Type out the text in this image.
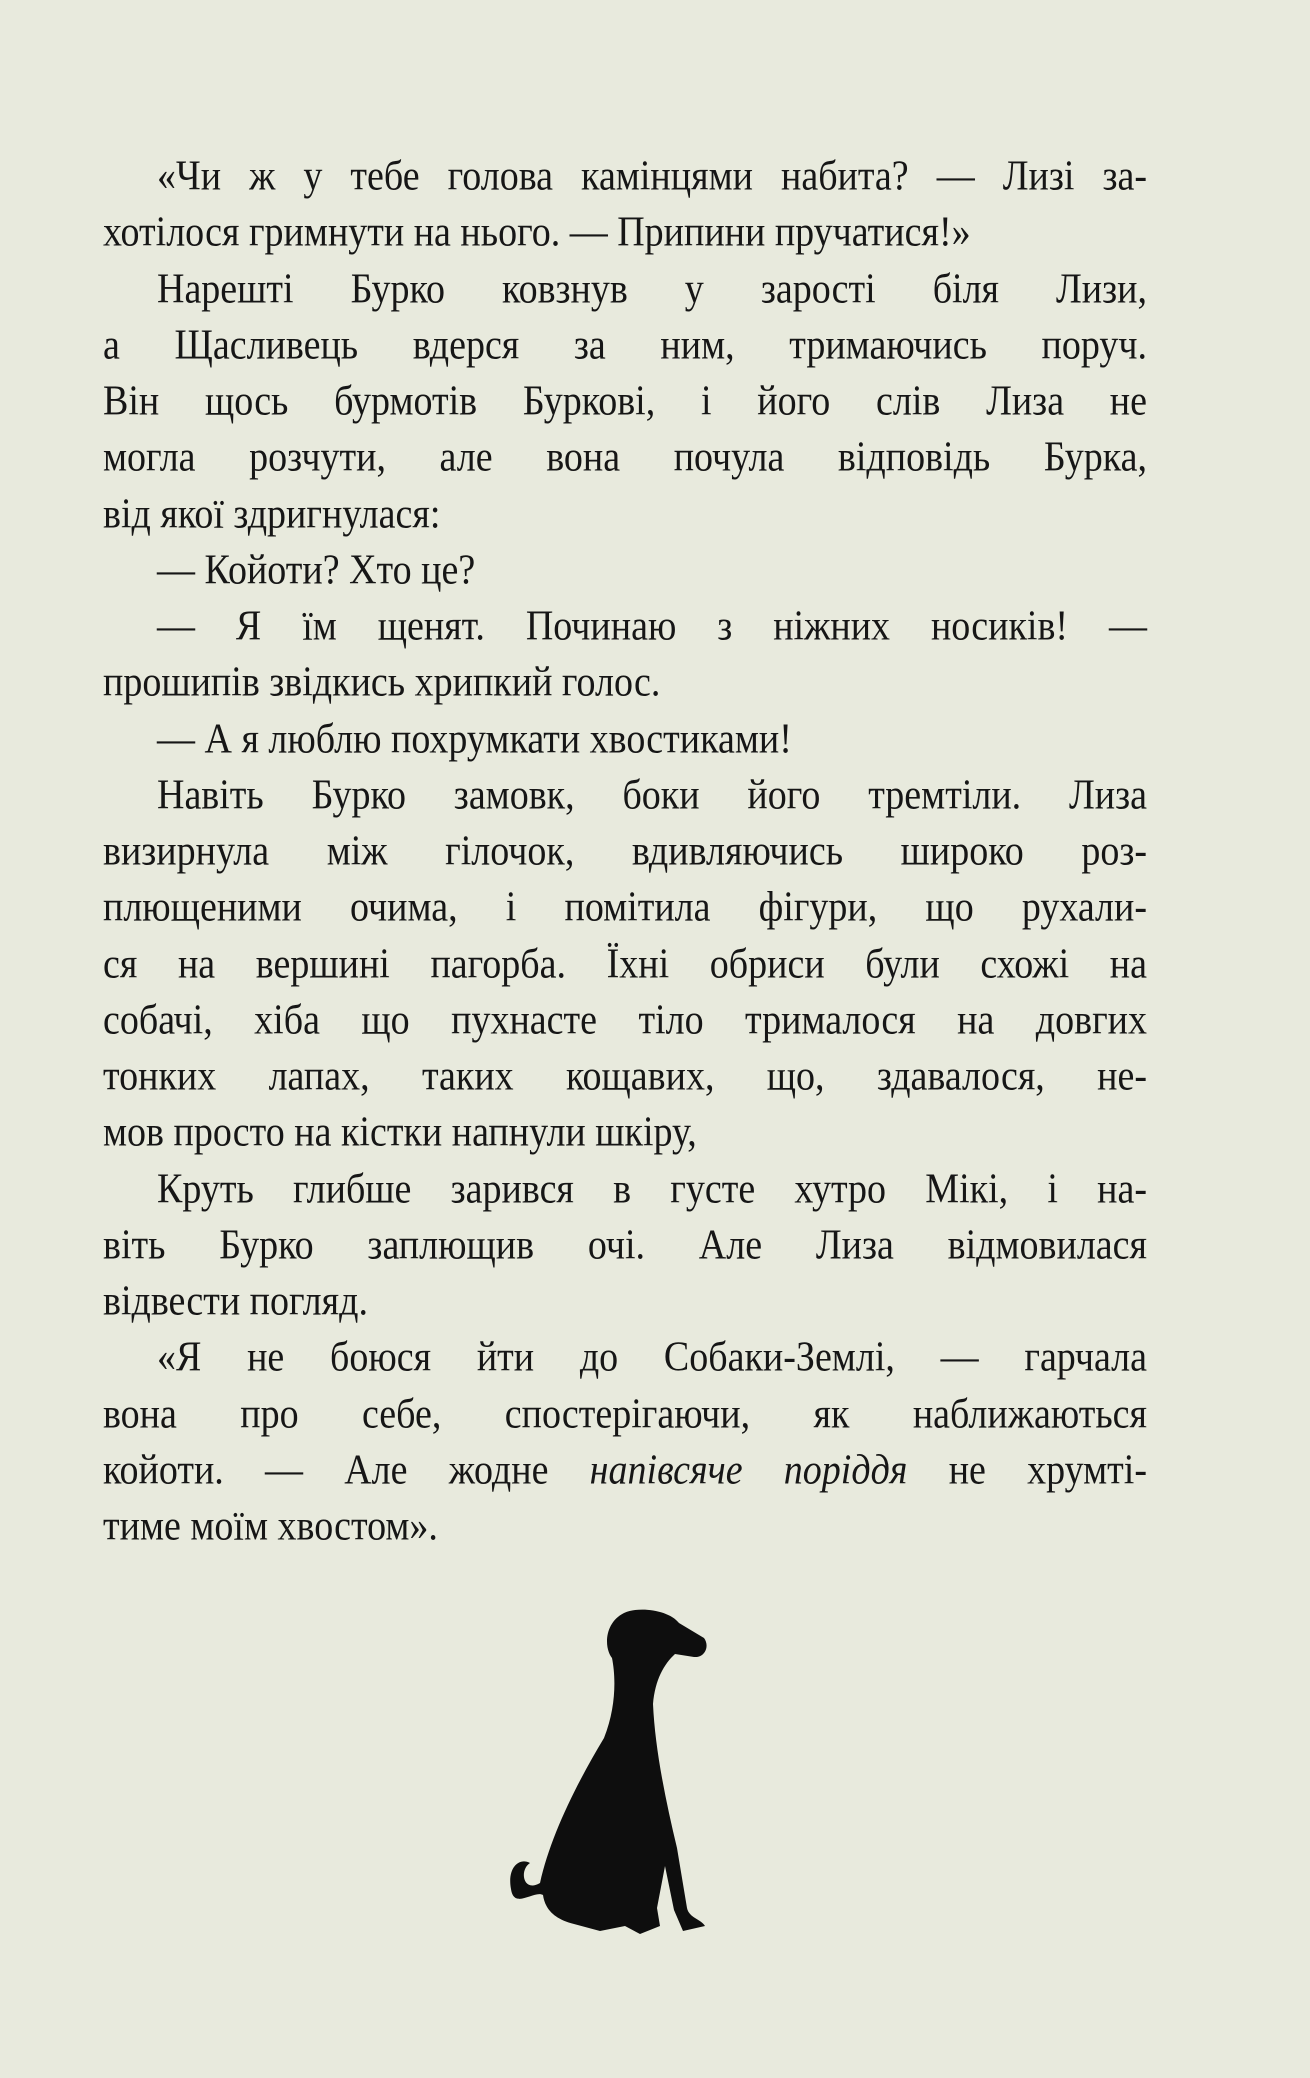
«Чи ж у тебе голова камінцями набита? — Лизі за-
хотілося гримнути на нього. — Припини пручатися!»
Нарешті Бурко ковзнув у зарості біля Лизи,
а Щасливець вдерся за ним, тримаючись поруч.
Він щось бурмотів Буркові, і його слів Лиза не
могла розчути, але вона почула відповідь Бурка,
від якої здригнулася:
— Койоти? Хто це?
— Я їм щенят. Починаю з ніжних носиків! —
прошипів звідкись хрипкий голос.
— А я люблю похрумкати хвостиками!
Навіть Бурко замовк, боки його тремтіли. Лиза
визирнула між гілочок, вдивляючись широко роз-
плющеними очима, і помітила фігури, що рухали-
ся на вершині пагорба. Їхні обриси були схожі на
собачі, хіба що пухнасте тіло трималося на довгих
тонких лапах, таких кощавих, що, здавалося, не-
мов просто на кістки напнули шкіру,
Круть глибше зарився в густе хутро Мікі, і на-
віть Бурко заплющив очі. Але Лиза відмовилася
відвести погляд.
«Я не боюся йти до Собаки-Землі, — гарчала
вона про себе, спостерігаючи, як наближаються
койоти. — Але жодне напівсяче поріддя не хрумті-
тиме моїм хвостом».
